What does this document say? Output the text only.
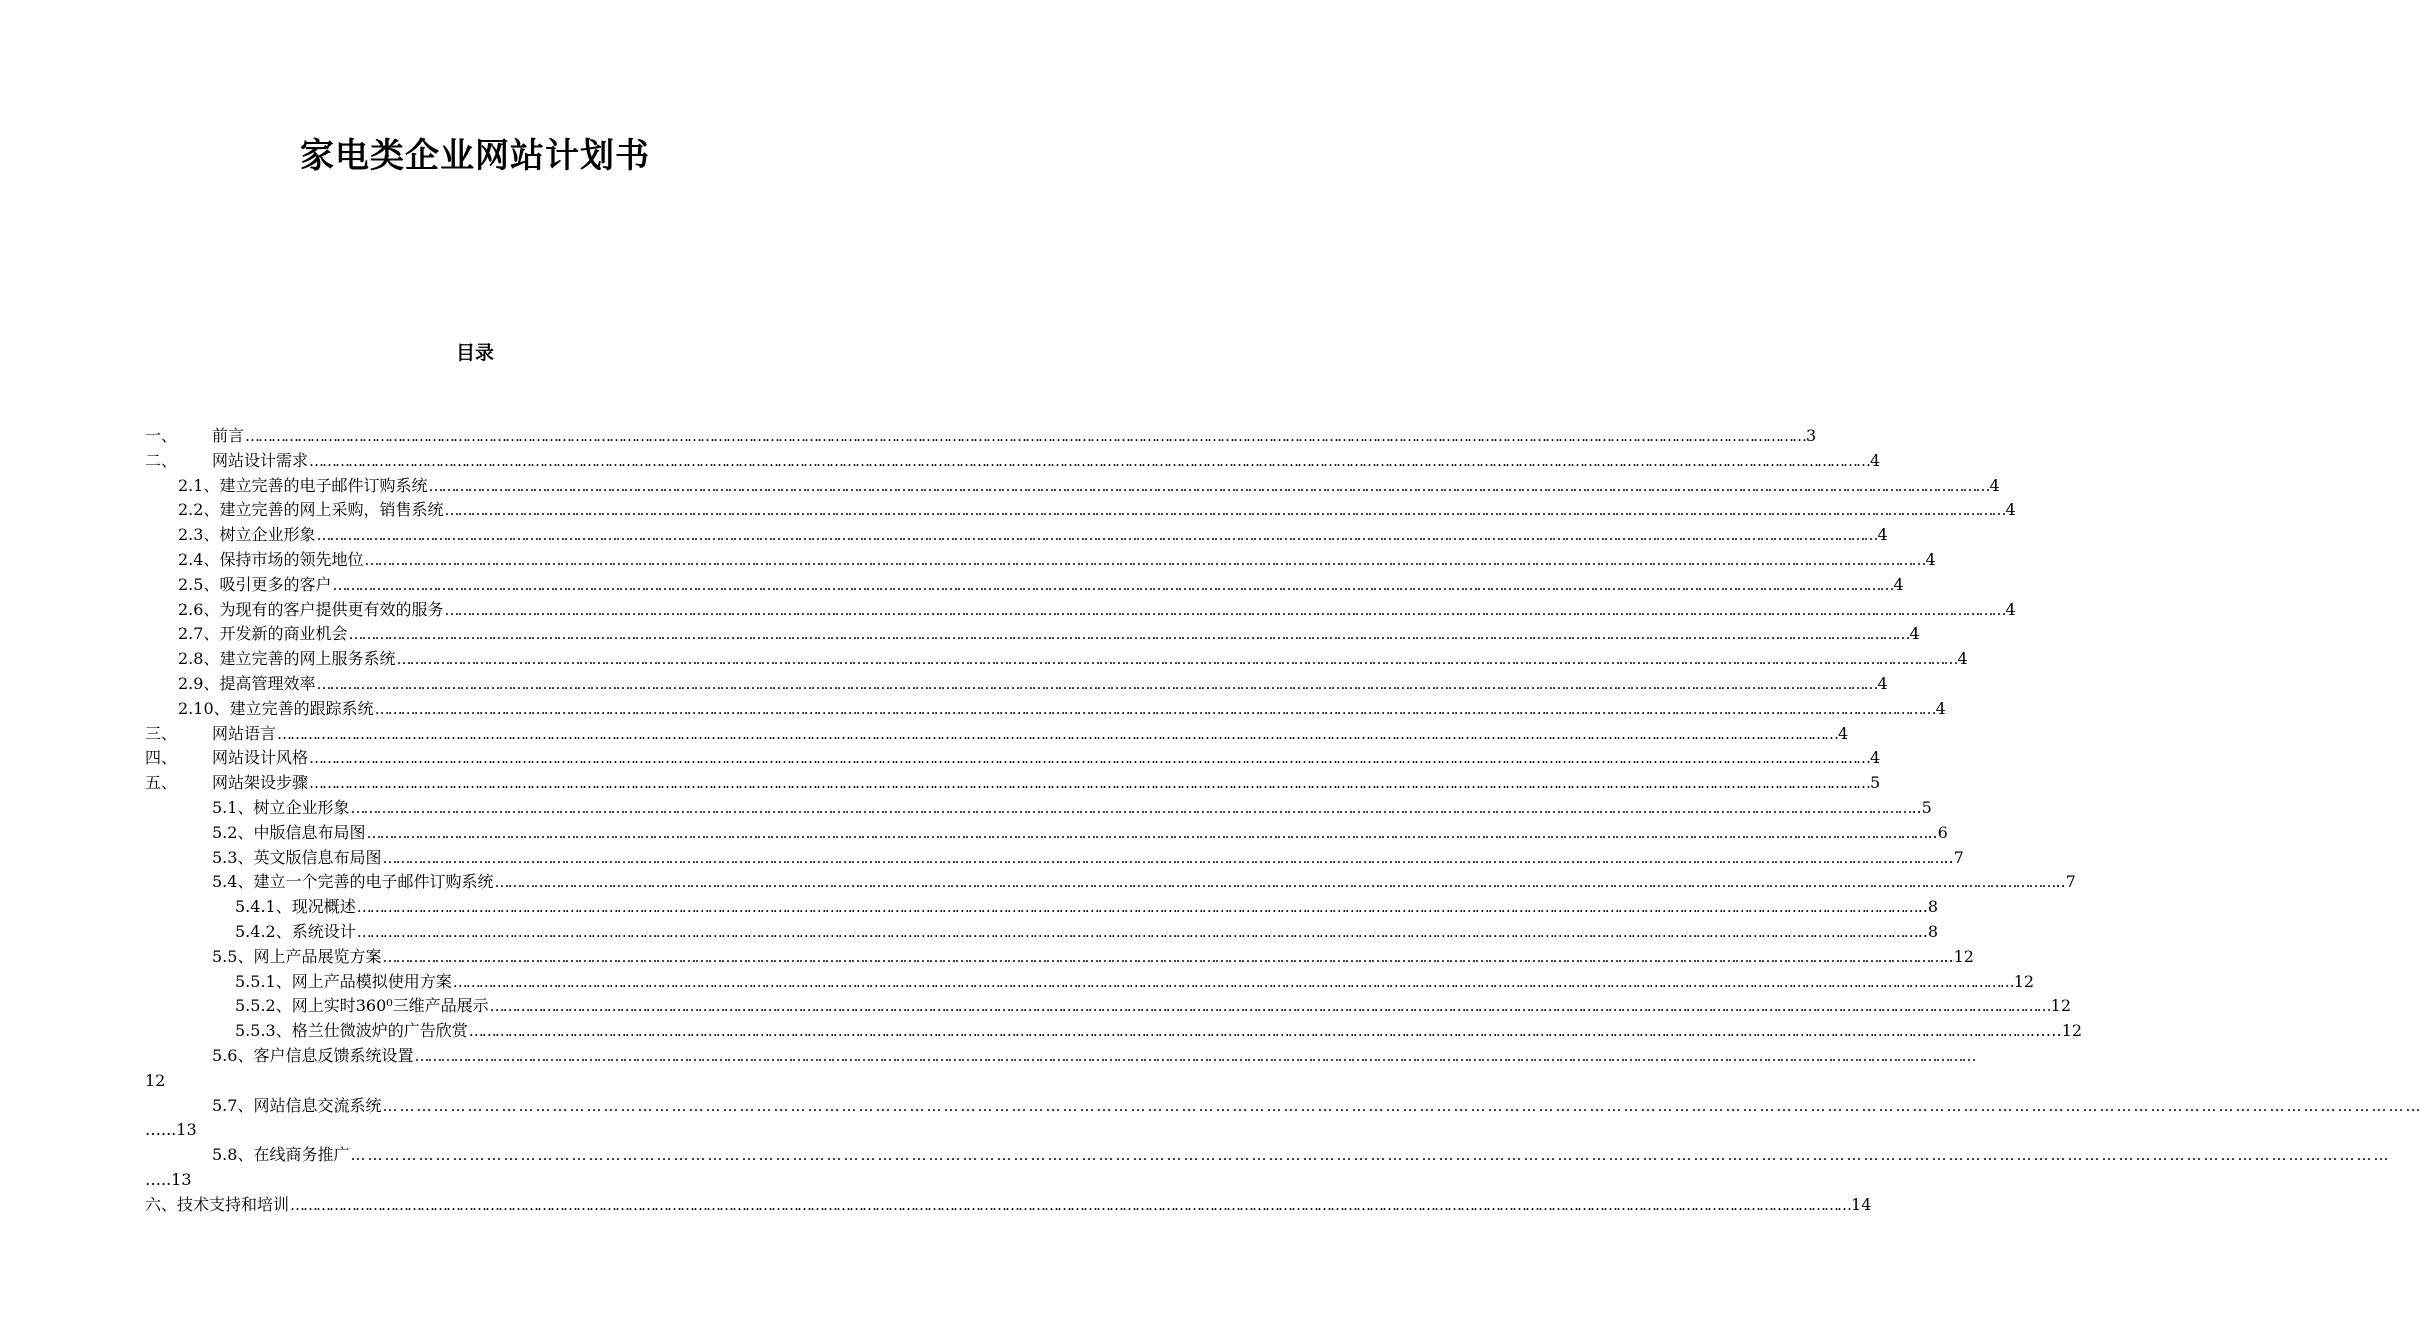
家电类企业网站计划书
目录
一、	前言 ……………………………………………………………………………………………………………………………………………………………………………………………………………………………………………………………………………………………………………………………… 3
二、	网站设计需求 ……………………………………………………………………………………………………………………………………………………………………………………………………………………………………………………………………………………………………………………………… 4
2.1、建立完善的电子邮件订购系统 ……………………………………………………………………………………………………………………………………………………………………………………………………………………………………………………………………………………………………………………………… 4
2.2、建立完善的网上采购，销售系统 ……………………………………………………………………………………………………………………………………………………………………………………………………………………………………………………………………………………………………………………………… 4
2.3、树立企业形象 ……………………………………………………………………………………………………………………………………………………………………………………………………………………………………………………………………………………………………………………………… 4
2.4、保持市场的领先地位 ……………………………………………………………………………………………………………………………………………………………………………………………………………………………………………………………………………………………………………………………… 4
2.5、吸引更多的客户 ……………………………………………………………………………………………………………………………………………………………………………………………………………………………………………………………………………………………………………………………… 4
2.6、为现有的客户提供更有效的服务 ……………………………………………………………………………………………………………………………………………………………………………………………………………………………………………………………………………………………………………………………… 4
2.7、开发新的商业机会 ……………………………………………………………………………………………………………………………………………………………………………………………………………………………………………………………………………………………………………………………… 4
2.8、建立完善的网上服务系统 ……………………………………………………………………………………………………………………………………………………………………………………………………………………………………………………………………………………………………………………………… 4
2.9、提高管理效率 ……………………………………………………………………………………………………………………………………………………………………………………………………………………………………………………………………………………………………………………………… 4
2.10、建立完善的跟踪系统 ……………………………………………………………………………………………………………………………………………………………………………………………………………………………………………………………………………………………………………………………… 4
三、	网站语言 ……………………………………………………………………………………………………………………………………………………………………………………………………………………………………………………………………………………………………………………………… 4
四、	网站设计风格 ……………………………………………………………………………………………………………………………………………………………………………………………………………………………………………………………………………………………………………………………… 4
五、	网站架设步骤 ……………………………………………………………………………………………………………………………………………………………………………………………………………………………………………………………………………………………………………………………… 5
5.1、树立企业形象 ……………………………………………………………………………………………………………………………………………………………………………………………………………………………………………………………………………………………………………………………… ..5
5.2、中版信息布局图 ……………………………………………………………………………………………………………………………………………………………………………………………………………………………………………………………………………………………………………………………… ..6
5.3、英文版信息布局图 ……………………………………………………………………………………………………………………………………………………………………………………………………………………………………………………………………………………………………………………………… ..7
5.4、建立一个完善的电子邮件订购系统 ……………………………………………………………………………………………………………………………………………………………………………………………………………………………………………………………………………………………………………………………… ..7
5.4.1、现况概述 ……………………………………………………………………………………………………………………………………………………………………………………………………………………………………………………………………………………………………………………………… ..8
5.4.2、系统设计 ……………………………………………………………………………………………………………………………………………………………………………………………………………………………………………………………………………………………………………………………… ..8
5.5、网上产品展览方案 ……………………………………………………………………………………………………………………………………………………………………………………………………………………………………………………………………………………………………………………………… ..12
5.5.1、网上产品模拟使用方案 ……………………………………………………………………………………………………………………………………………………………………………………………………………………………………………………………………………………………………………………………… 12
5.5.2、网上实时360⁰三维产品展示 ……………………………………………………………………………………………………………………………………………………………………………………………………………………………………………………………………………………………………………………………… 12
5.5.3、格兰仕微波炉的广告欣赏 ……………………………………………………………………………………………………………………………………………………………………………………………………………………………………………………………………………………………………………………………… ……12
5.6、客户信息反馈系统设置 ………………………………………………………………………………………………………………………………………………………………………………………………………………………………………………………………………………………………………………………………
12
5.7、网站信息交流系统 ………………………………………………………………………………………………………………………………………………………………………………………………………………………………………………………………………………………………………………………………
…...13
5.8、在线商务推广 ………………………………………………………………………………………………………………………………………………………………………………………………………………………………………………………………………………………………………………………………
…..13
六、技术支持和培训 ……………………………………………………………………………………………………………………………………………………………………………………………………………………………………………………………………………………………………………………………… 14
